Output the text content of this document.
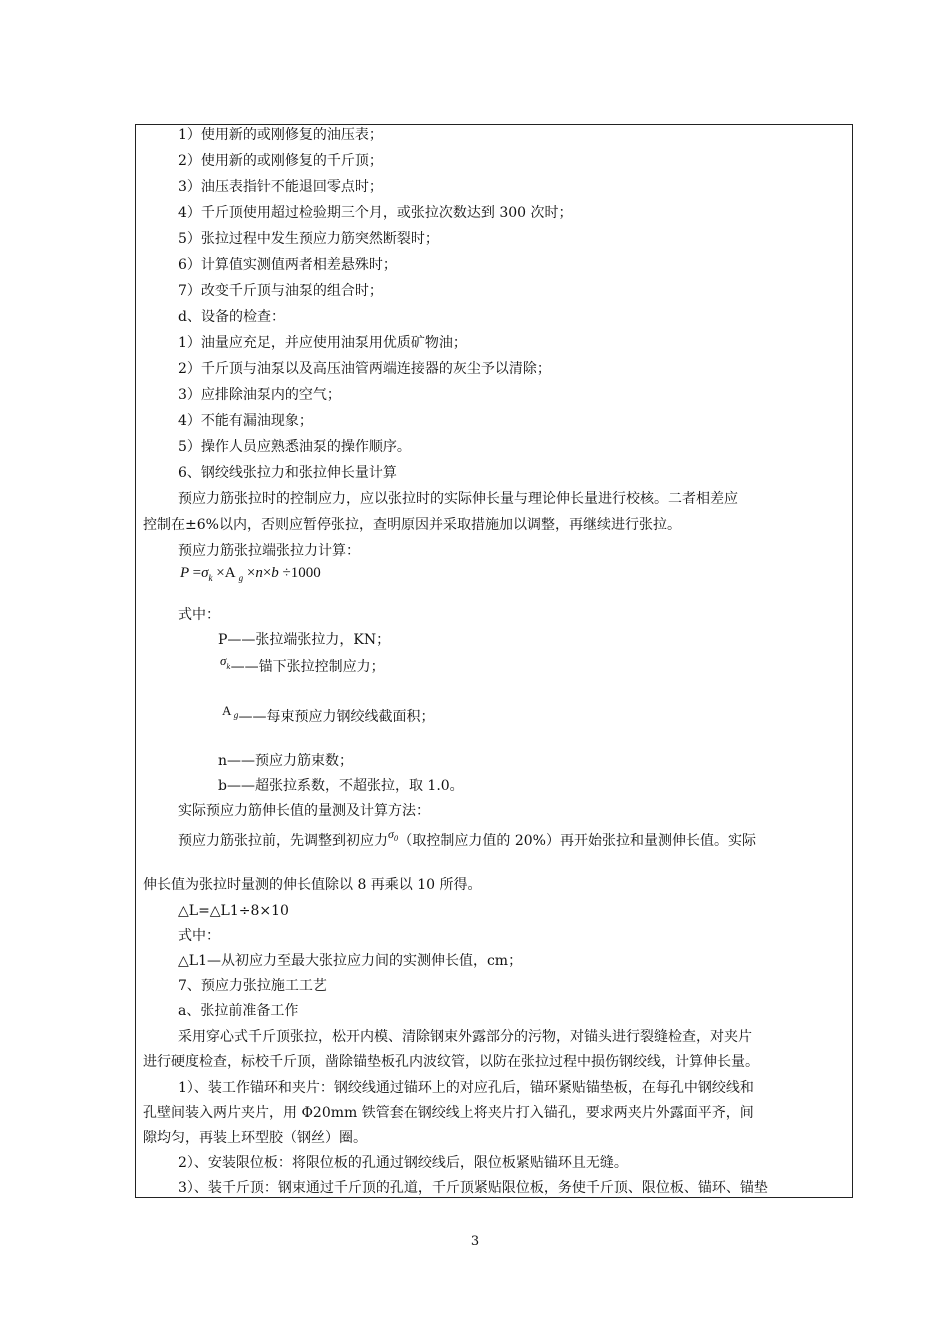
1）使用新的或刚修复的油压表；
2）使用新的或刚修复的千斤顶；
3）油压表指针不能退回零点时；
4）千斤顶使用超过检验期三个月，或张拉次数达到 300 次时；
5）张拉过程中发生预应力筋突然断裂时；
6）计算值实测值两者相差悬殊时；
7）改变千斤顶与油泵的组合时；
d、设备的检查：
1）油量应充足，并应使用油泵用优质矿物油；
2）千斤顶与油泵以及高压油管两端连接器的灰尘予以清除；
3）应排除油泵内的空气；
4）不能有漏油现象；
5）操作人员应熟悉油泵的操作顺序。
6、钢绞线张拉力和张拉伸长量计算
预应力筋张拉时的控制应力，应以张拉时的实际伸长量与理论伸长量进行校核。二者相差应
控制在±6%以内，否则应暂停张拉，查明原因并采取措施加以调整，再继续进行张拉。
预应力筋张拉端张拉力计算：
$P =\sigma_k \times A$ $_g$ ×n×b ÷1000
式中：
P——张拉端张拉力，KN；
σk——锚下张拉控制应力；
A $^g$——每束预应力钢绞线截面积；
n——预应力筋束数；
b——超张拉系数，不超张拉，取 1.0。
实际预应力筋伸长值的量测及计算方法：
预应力筋张拉前，先调整到初应力$\sigma^0$（取控制应力值的 20%）再开始张拉和量测伸长值。实际
伸长值为张拉时量测的伸长值除以 8 再乘以 10 所得。
△L=△L1÷8×10
式中：
△L1—从初应力至最大张拉应力间的实测伸长值，cm；
7、预应力张拉施工工艺
a、张拉前准备工作
采用穿心式千斤顶张拉，松开内模、清除钢束外露部分的污物，对锚头进行裂缝检查，对夹片
进行硬度检查，标校千斤顶，凿除锚垫板孔内波纹管，以防在张拉过程中损伤钢绞线，计算伸长量。
1）、装工作锚环和夹片：钢绞线通过锚环上的对应孔后，锚环紧贴锚垫板，在每孔中钢绞线和
孔壁间装入两片夹片，用 Φ20mm 铁管套在钢绞线上将夹片打入锚孔，要求两夹片外露面平齐，间
隙均匀，再装上环型胶（钢丝）圈。
2）、安装限位板：将限位板的孔通过钢绞线后，限位板紧贴锚环且无缝。
3）、装千斤顶：钢束通过千斤顶的孔道，千斤顶紧贴限位板，务使千斤顶、限位板、锚环、锚垫
3
